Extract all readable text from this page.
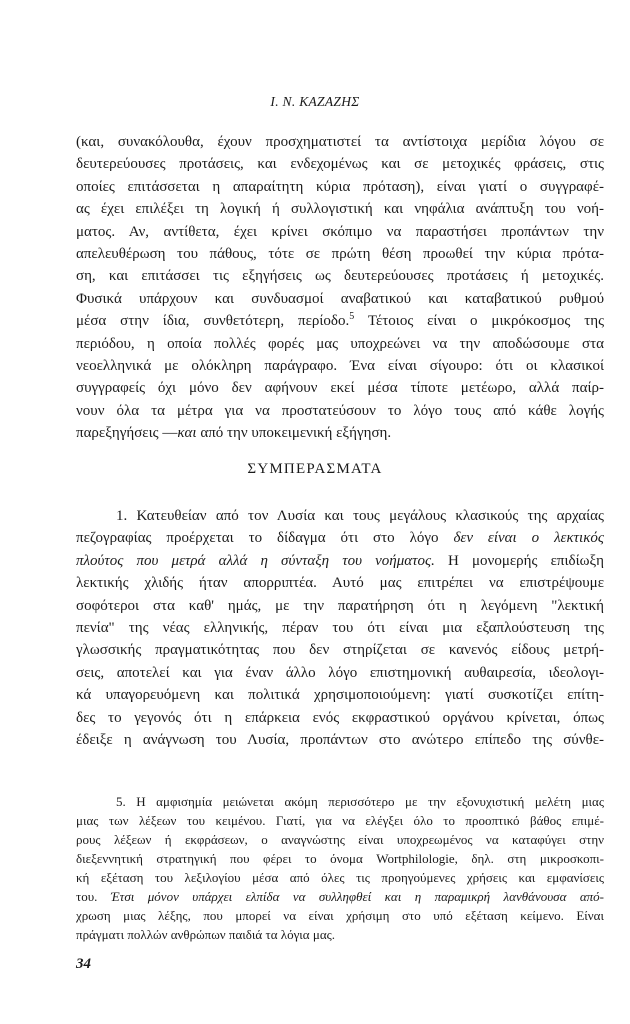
I. N. ΚΑΖΑΖΗΣ
(και, συνακόλουθα, έχουν προσχηματιστεί τα αντίστοιχα μερίδια λόγου σε
δευτερεύουσες προτάσεις, και ενδεχομένως και σε μετοχικές φράσεις, στις
οποίες επιτάσσεται η απαραίτητη κύρια πρόταση), είναι γιατί ο συγγραφέ-
ας έχει επιλέξει τη λογική ή συλλογιστική και νηφάλια ανάπτυξη του νοή-
ματος. Αν, αντίθετα, έχει κρίνει σκόπιμο να παραστήσει προπάντων την
απελευθέρωση του πάθους, τότε σε πρώτη θέση προωθεί την κύρια πρότα-
ση, και επιτάσσει τις εξηγήσεις ως δευτερεύουσες προτάσεις ή μετοχικές.
Φυσικά υπάρχουν και συνδυασμοί αναβατικού και καταβατικού ρυθμού
μέσα στην ίδια, συνθετότερη, περίοδο.$^5$ Τέτοιος είναι ο μικρόκοσμος της
περιόδου, η οποία πολλές φορές μας υποχρεώνει να την αποδώσουμε στα
νεοελληνικά με ολόκληρη παράγραφο. Ένα είναι σίγουρο: ότι οι κλασικοί
συγγραφείς όχι μόνο δεν αφήνουν εκεί μέσα τίποτε μετέωρο, αλλά παίρ-
νουν όλα τα μέτρα για να προστατεύσουν το λόγο τους από κάθε λογής
παρεξηγήσεις —και από την υποκειμενική εξήγηση.
ΣΥΜΠΕΡΑΣΜΑΤΑ
1. Κατευθείαν από τον Λυσία και τους μεγάλους κλασικούς της αρχαίας
πεζογραφίας προέρχεται το δίδαγμα ότι στο λόγο δεν είναι ο λεκτικός
πλούτος που μετρά αλλά η σύνταξη του νοήματος. Η μονομερής επιδίωξη
λεκτικής χλιδής ήταν απορριπτέα. Αυτό μας επιτρέπει να επιστρέψουμε
σοφότεροι στα καθ' ημάς, με την παρατήρηση ότι η λεγόμενη "λεκτική
πενία" της νέας ελληνικής, πέραν του ότι είναι μια εξαπλούστευση της
γλωσσικής πραγματικότητας που δεν στηρίζεται σε κανενός είδους μετρή-
σεις, αποτελεί και για έναν άλλο λόγο επιστημονική αυθαιρεσία, ιδεολογι-
κά υπαγορευόμενη και πολιτικά χρησιμοποιούμενη: γιατί συσκοτίζει επίτη-
δες το γεγονός ότι η επάρκεια ενός εκφραστικού οργάνου κρίνεται, όπως
έδειξε η ανάγνωση του Λυσία, προπάντων στο ανώτερο επίπεδο της σύνθε-
5. Η αμφισημία μειώνεται ακόμη περισσότερο με την εξονυχιστική μελέτη μιας
μιας των λέξεων του κειμένου. Γιατί, για να ελέγξει όλο το προοπτικό βάθος επιμέ-
ρους λέξεων ή εκφράσεων, ο αναγνώστης είναι υποχρεωμένος να καταφύγει στην
διεξεννητική στρατηγική που φέρει το όνομα Wortphilologie, δηλ. στη μικροσκοπι-
κή εξέταση του λεξιλογίου μέσα από όλες τις προηγούμενες χρήσεις και εμφανίσεις
του. Έτσι μόνον υπάρχει ελπίδα να συλληφθεί και η παραμικρή λανθάνουσα από-
χρωση μιας λέξης, που μπορεί να είναι χρήσιμη στο υπό εξέταση κείμενο. Είναι
πράγματι πολλών ανθρώπων παιδιά τα λόγια μας.
34
